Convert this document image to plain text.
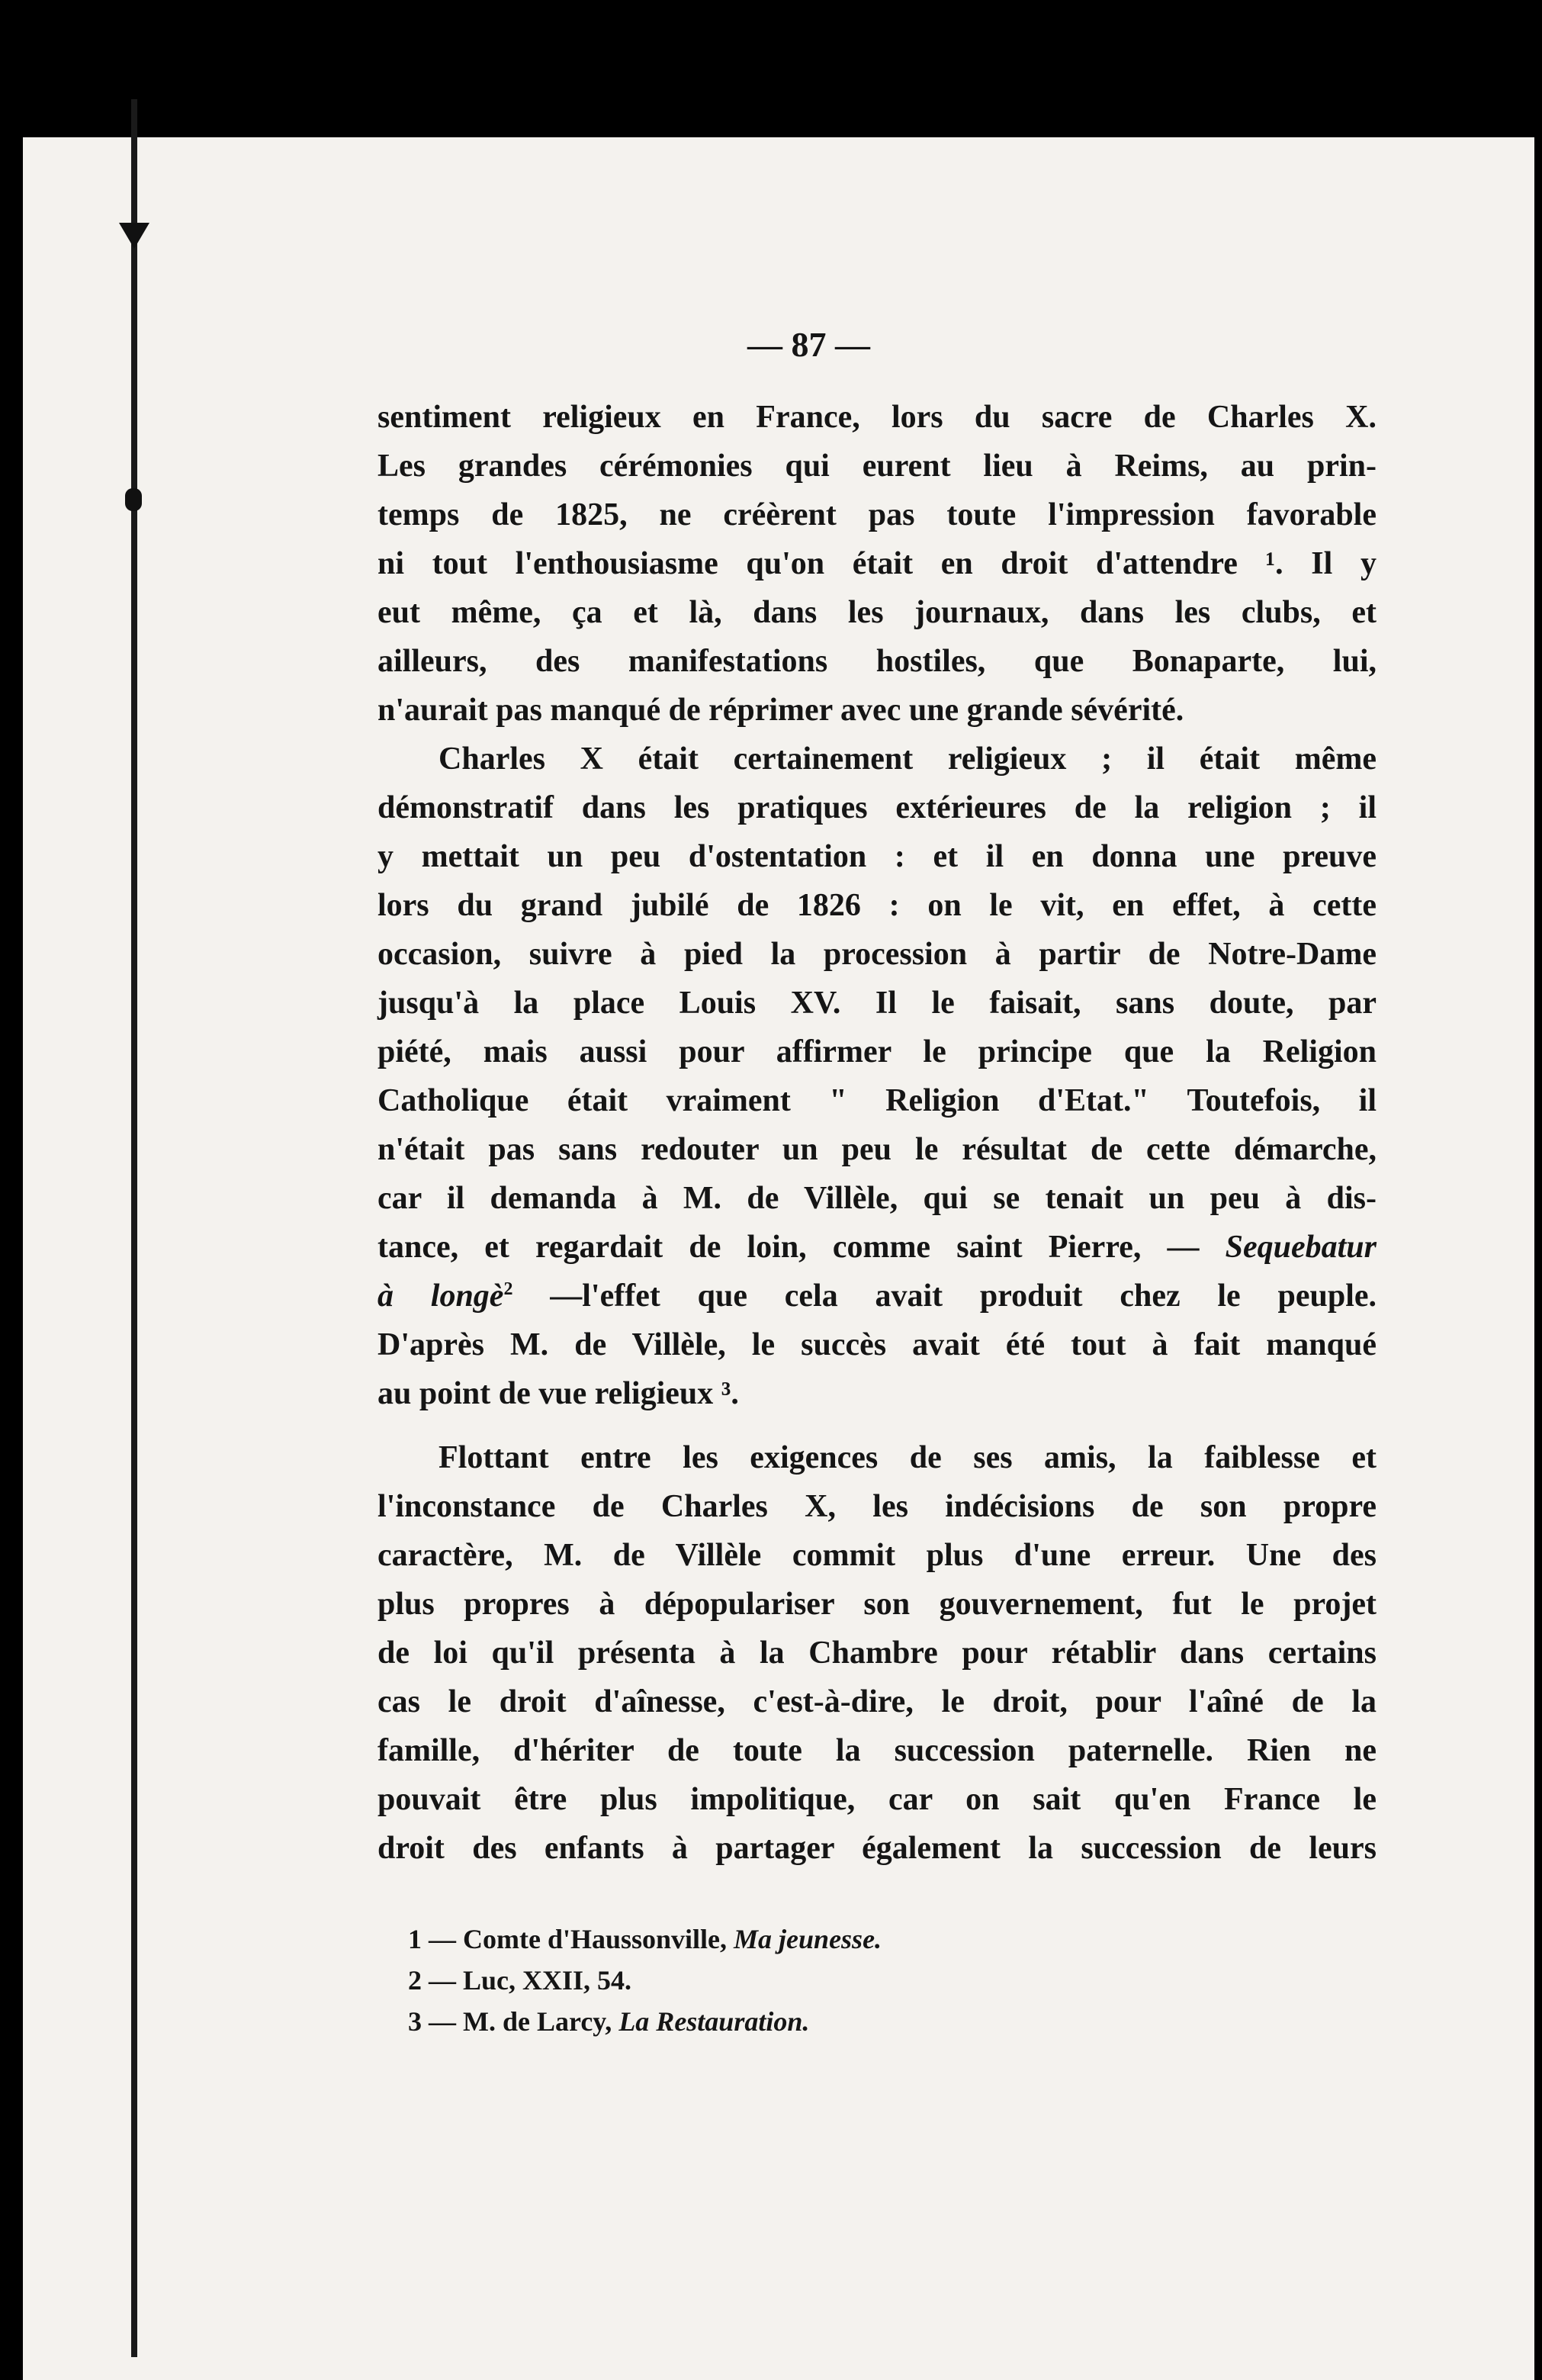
— 87 —
sentiment religieux en France, lors du sacre de Charles X.
Les grandes cérémonies qui eurent lieu à Reims, au prin-
temps de 1825, ne créèrent pas toute l'impression favorable
ni tout l'enthousiasme qu'on était en droit d'attendre ¹. Il y
eut même, ça et là, dans les journaux, dans les clubs, et
ailleurs, des manifestations hostiles, que Bonaparte, lui,
n'aurait pas manqué de réprimer avec une grande sévérité.
Charles X était certainement religieux ; il était même
démonstratif dans les pratiques extérieures de la religion ; il
y mettait un peu d'ostentation : et il en donna une preuve
lors du grand jubilé de 1826 : on le vit, en effet, à cette
occasion, suivre à pied la procession à partir de Notre-Dame
jusqu'à la place Louis XV. Il le faisait, sans doute, par
piété, mais aussi pour affirmer le principe que la Religion
Catholique était vraiment " Religion d'Etat." Toutefois, il
n'était pas sans redouter un peu le résultat de cette démarche,
car il demanda à M. de Villèle, qui se tenait un peu à dis-
tance, et regardait de loin, comme saint Pierre, — Sequebatur
à longè$^2$ —l'effet que cela avait produit chez le peuple.
D'après M. de Villèle, le succès avait été tout à fait manqué
au point de vue religieux ³.
Flottant entre les exigences de ses amis, la faiblesse et
l'inconstance de Charles X, les indécisions de son propre
caractère, M. de Villèle commit plus d'une erreur. Une des
plus propres à dépopulariser son gouvernement, fut le projet
de loi qu'il présenta à la Chambre pour rétablir dans certains
cas le droit d'aînesse, c'est-à-dire, le droit, pour l'aîné de la
famille, d'hériter de toute la succession paternelle. Rien ne
pouvait être plus impolitique, car on sait qu'en France le
droit des enfants à partager également la succession de leurs
1 — Comte d'Haussonville, Ma jeunesse.
2 — Luc, XXII, 54.
3 — M. de Larcy, La Restauration.
